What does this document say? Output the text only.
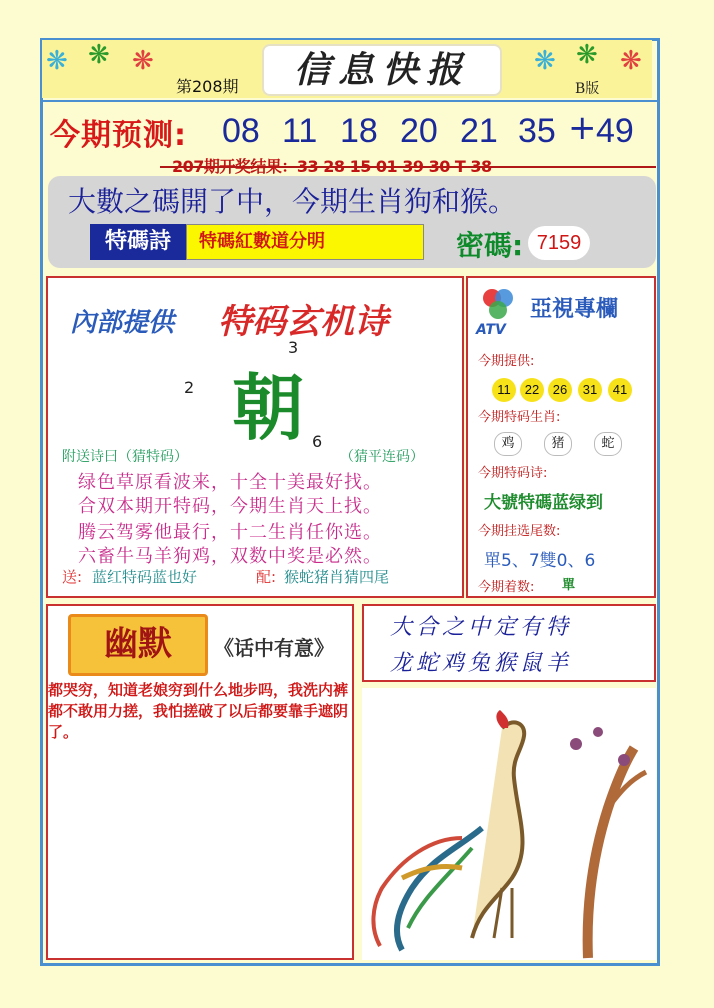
❋ ❋ ❋	❋ ❋ ❋
第208期	信息快报	B版
今期预测: 08 11 18 20 21 35 + 49
207期开奖结果：33 28 15 01 39 30 T 38
大數之碼開了中，今期生肖狗和猴。
特碼詩	特碼紅數道分明	密碼: 7159
內部提供 特码玄机诗
朝
3
2
6
附送诗曰（猜特码）	（猜平连码）
绿色草原看波来，十全十美最好找。
合双本期开特码，今期生肖天上找。
腾云驾雾他最行，十二生肖任你选。
六畜牛马羊狗鸡，双数中奖是必然。
送: 蓝红特码蓝也好	配: 猴蛇猪肖猜四尾
亞視專欄
ATV
今期提供:
11	22	26	31	41
今期特码生肖:
鸡	猪	蛇
今期特码诗:
大號特碼蓝绿到
今期挂选尾数:
單5、7雙0、6
今期着数: 單
幽默	《话中有意》
都哭穷，知道老娘穷到什么地步吗，我洗内裤都不敢用力搓，我怕搓破了以后都要靠手遮阴了。
大合之中定有特
龙蛇鸡兔猴鼠羊
